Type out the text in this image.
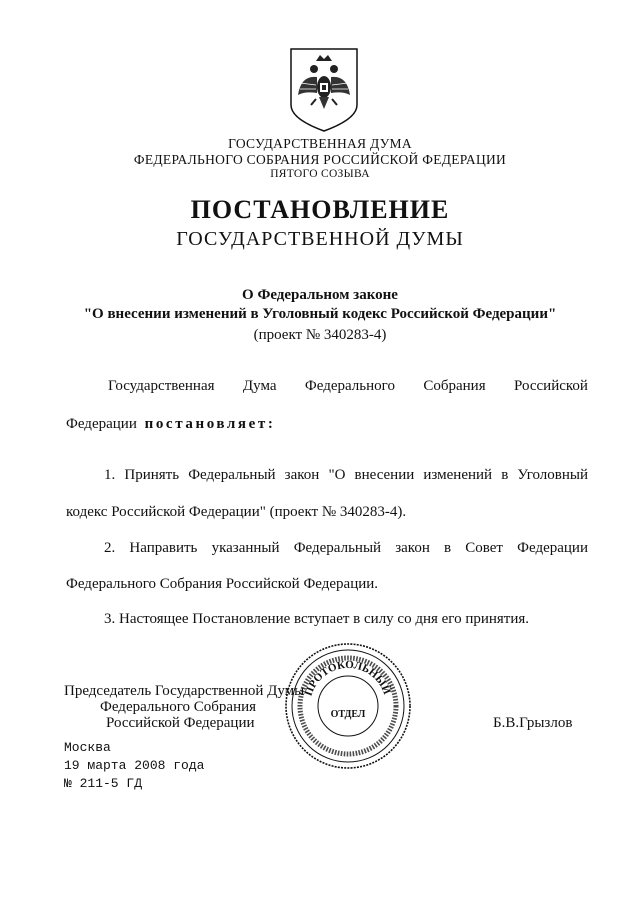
ГОСУДАРСТВЕННАЯ ДУМА
ФЕДЕРАЛЬНОГО СОБРАНИЯ РОССИЙСКОЙ ФЕДЕРАЦИИ
ПЯТОГО СОЗЫВА
ПОСТАНОВЛЕНИЕ
ГОСУДАРСТВЕННОЙ ДУМЫ
О Федеральном законе
"О внесении изменений в Уголовный кодекс Российской Федерации"
(проект № 340283-4)
Государственная Дума Федерального Собрания Российской
Федерации постановляет:
1. Принять Федеральный закон "О внесении изменений в Уголовный
кодекс Российской Федерации" (проект № 340283-4).
2. Направить указанный Федеральный закон в Совет Федерации
Федерального Собрания Российской Федерации.
3. Настоящее Постановление вступает в силу со дня его принятия.
Председатель Государственной Думы
Федерального Собрания
Российской Федерации	Б.В.Грызлов
ПРОТОКОЛЬНЫЙ
ОТДЕЛ
Москва
19 марта 2008 года
№ 211-5 ГД
